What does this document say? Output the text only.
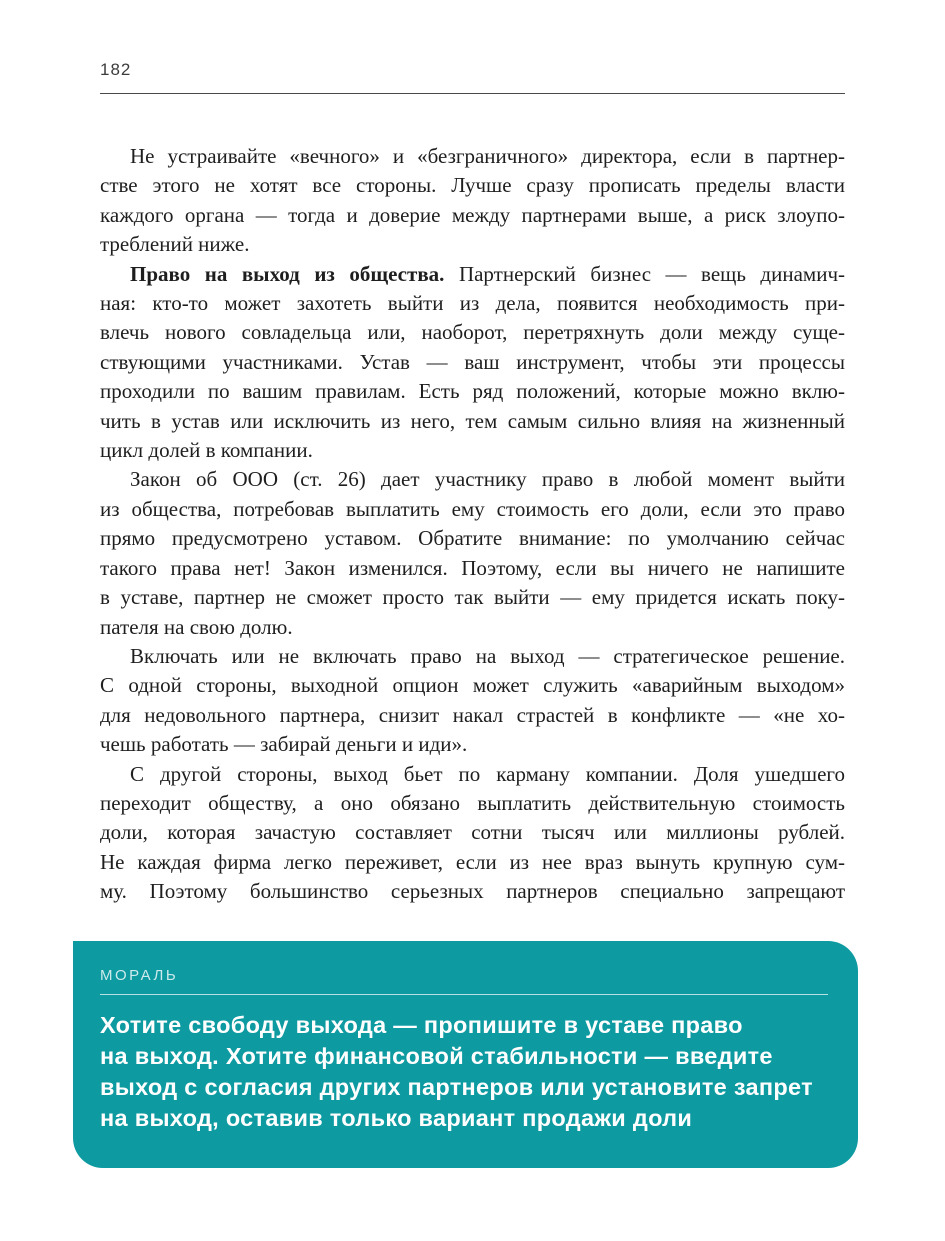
182
Не устраивайте «вечного» и «безграничного» директора, если в партнер-
стве этого не хотят все стороны. Лучше сразу прописать пределы власти
каждого органа — тогда и доверие между партнерами выше, а риск злоупо-
треблений ниже.
Право на выход из общества. Партнерский бизнес — вещь динамич-
ная: кто-то может захотеть выйти из дела, появится необходимость при-
влечь нового совладельца или, наоборот, перетряхнуть доли между суще-
ствующими участниками. Устав — ваш инструмент, чтобы эти процессы
проходили по вашим правилам. Есть ряд положений, которые можно вклю-
чить в устав или исключить из него, тем самым сильно влияя на жизненный
цикл долей в компании.
Закон об ООО (ст. 26) дает участнику право в любой момент выйти
из общества, потребовав выплатить ему стоимость его доли, если это право
прямо предусмотрено уставом. Обратите внимание: по умолчанию сейчас
такого права нет! Закон изменился. Поэтому, если вы ничего не напишите
в уставе, партнер не сможет просто так выйти — ему придется искать поку-
пателя на свою долю.
Включать или не включать право на выход — стратегическое решение.
С одной стороны, выходной опцион может служить «аварийным выходом»
для недовольного партнера, снизит накал страстей в конфликте — «не хо-
чешь работать — забирай деньги и иди».
С другой стороны, выход бьет по карману компании. Доля ушедшего
переходит обществу, а оно обязано выплатить действительную стоимость
доли, которая зачастую составляет сотни тысяч или миллионы рублей.
Не каждая фирма легко переживет, если из нее враз вынуть крупную сум-
му. Поэтому большинство серьезных партнеров специально запрещают
МОРАЛЬ
Хотите свободу выхода — пропишите в уставе право
на выход. Хотите финансовой стабильности — введите
выход с согласия других партнеров или установите запрет
на выход, оставив только вариант продажи доли
